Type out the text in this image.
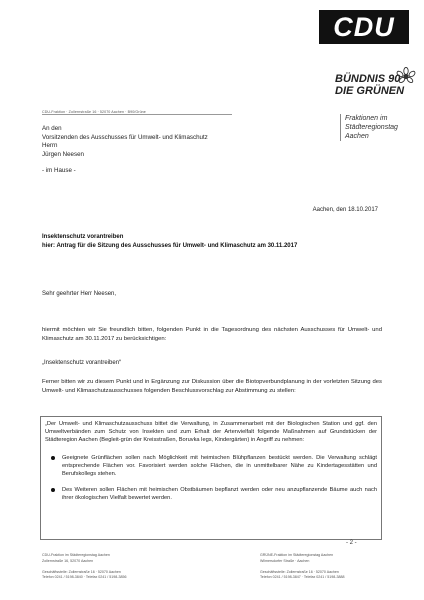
CDU
BÜNDNIS 90
DIE GRÜNEN
Fraktionen im
Städteregionstag
Aachen
CDU-Fraktion · Zollernstraße 16 · 52070 Aachen · B90/Grüne
An den
Vorsitzenden des Ausschusses für Umwelt- und Klimaschutz
Herrn
Jürgen Neesen
- im Hause -
Aachen, den 18.10.2017
Insektenschutz vorantreiben
hier: Antrag für die Sitzung des Ausschusses für Umwelt- und Klimaschutz am 30.11.2017
Sehr geehrter Herr Neesen,
hiermit möchten wir Sie freundlich bitten, folgenden Punkt in die Tagesordnung des nächsten Ausschusses für Umwelt- und Klimaschutz am 30.11.2017 zu berücksichtigen:
„Insektenschutz vorantreiben“
Ferner bitten wir zu diesem Punkt und in Ergänzung zur Diskussion über die Biotopverbundplanung in der vorletzten Sitzung des Umwelt- und Klimaschutzausschusses folgenden Beschlussvorschlag zur Abstimmung zu stellen:
„Der Umwelt- und Klimaschutzausschuss bittet die Verwaltung, in Zusammenarbeit mit der Biologischen Station und ggf. den Umweltverbänden zum Schutz von Insekten und zum Erhalt der Artenvielfalt folgende Maßnahmen auf Grundstücken der Städteregion Aachen (Begleit-grün der Kreisstraßen, Boruvka legs, Kindergärten) in Angriff zu nehmen:
Geeignete Grünflächen sollen nach Möglichkeit mit heimischen Blühpflanzen bestückt werden. Die Verwaltung schlägt entsprechende Flächen vor. Favorisiert werden solche Flächen, die in unmittelbarer Nähe zu Kindertagesstätten und Berufskollegs stehen.
Des Weiteren sollen Flächen mit heimischen Obstbäumen bepflanzt werden oder neu anzupflanzende Bäume auch nach ihrer ökologischen Vielfalt bewertet werden.
- 2 -
CDU-Fraktion im Städteregionstag Aachen
Zollernstraße 16, 52070 Aachen
Geschäftsstelle: Zollernstraße 16 · 52070 Aachen
Telefon 0241 / 5198-3840 · Telefax 0241 / 5198-3856
GRÜNE-Fraktion im Städteregionstag Aachen
Wilmersdorfer Straße · Aachen
Geschäftsstelle: Zollernstraße 16 · 52070 Aachen
Telefon 0241 / 5198-3847 · Telefax 0241 / 5198-3888
